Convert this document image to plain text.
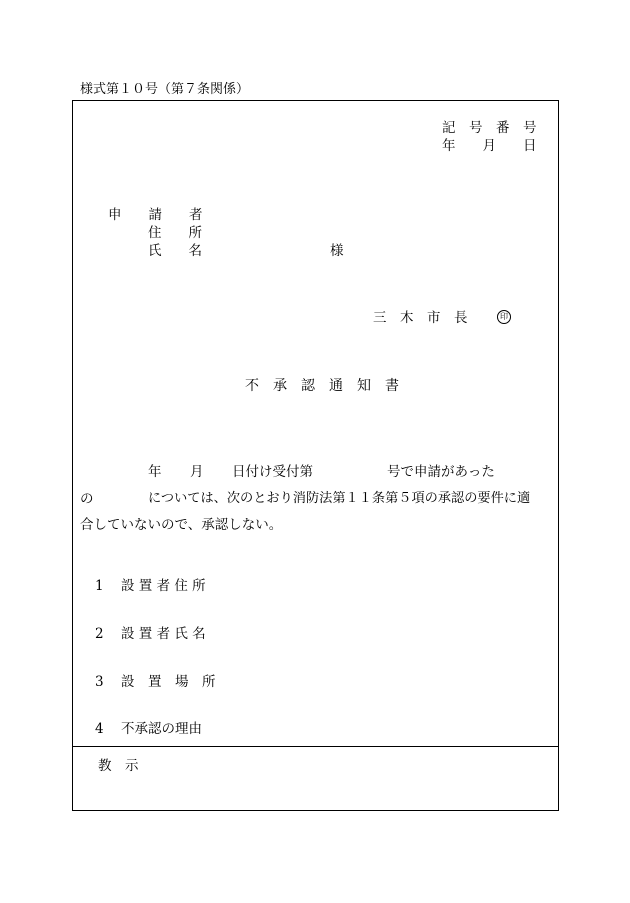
様式第１０号（第７条関係）
記　号　番　号
年　　月　　日
申　　請　　者
住　　所
氏　　名	様
三　木　市　長	印
不　承　認　通　知　書
年 月 日付け受付第	号で申請があった
の	については、次のとおり消防法第１１条第５項の承認の要件に適
合していないので、承認しない。
1 設 置 者 住 所
2 設 置 者 氏 名
3 設　置　場　所
4 不承認の理由
教　示
